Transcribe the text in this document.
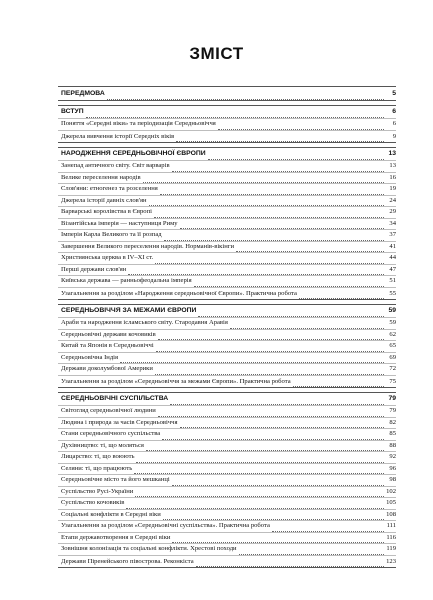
ЗМІСТ
ПЕРЕДМОВА	5
ВСТУП	6
Поняття «Середні віки» та періодизація Середньовіччя	6
Джерела вивчення історії Середніх віків	9
НАРОДЖЕННЯ СЕРЕДНЬОВІЧНОЇ ЄВРОПИ	13
Занепад античного світу. Світ варварів	13
Велике переселення народів	16
Слов'яни: етногенез та розселення	19
Джерела історії давніх слов'ян	24
Варварські королівства в Європі	29
Візантійська імперія — наступниця Риму	34
Імперія Карла Великого та її розпад	37
Завершення Великого переселення народів. Норманів-вікінги	41
Християнська церква в IV–XI ст.	44
Перші держави слов'ян	47
Київська держава — ранньофеодальна імперія	51
Узагальнення за розділом «Народження середньовічної Європи». Практична робота	55
СЕРЕДНЬОВІЧЧЯ ЗА МЕЖАМИ ЄВРОПИ	59
Араби та народження ісламського світу. Стародавня Аравія	59
Середньовічні держави кочовиків	62
Китай та Японія в Середньовіччі	65
Середньовічна Індія	69
Держави доколумбової Америки	72
Узагальнення за розділом «Середньовіччя за межами Європи». Практична робота	75
СЕРЕДНЬОВІЧНІ СУСПІЛЬСТВА	79
Світогляд середньовічної людини	79
Людина і природа за часів Середньовіччя	82
Стани середньовічного суспільства	85
Духівництво: ті, що моляться	88
Лицарство: ті, що воюють	92
Селяни: ті, що працюють	96
Середньовічне місто та його мешканці	98
Суспільство Русі-України	102
Суспільство кочовиків	105
Соціальні конфлікти в Середні віки	108
Узагальнення за розділом «Середньовічні суспільства». Практична робота	111
Етапи державотворення в Середні віки	116
Зовнішня колонізація та соціальні конфлікти. Хрестові походи	119
Держави Піренейського півострова. Реконкіста	123
